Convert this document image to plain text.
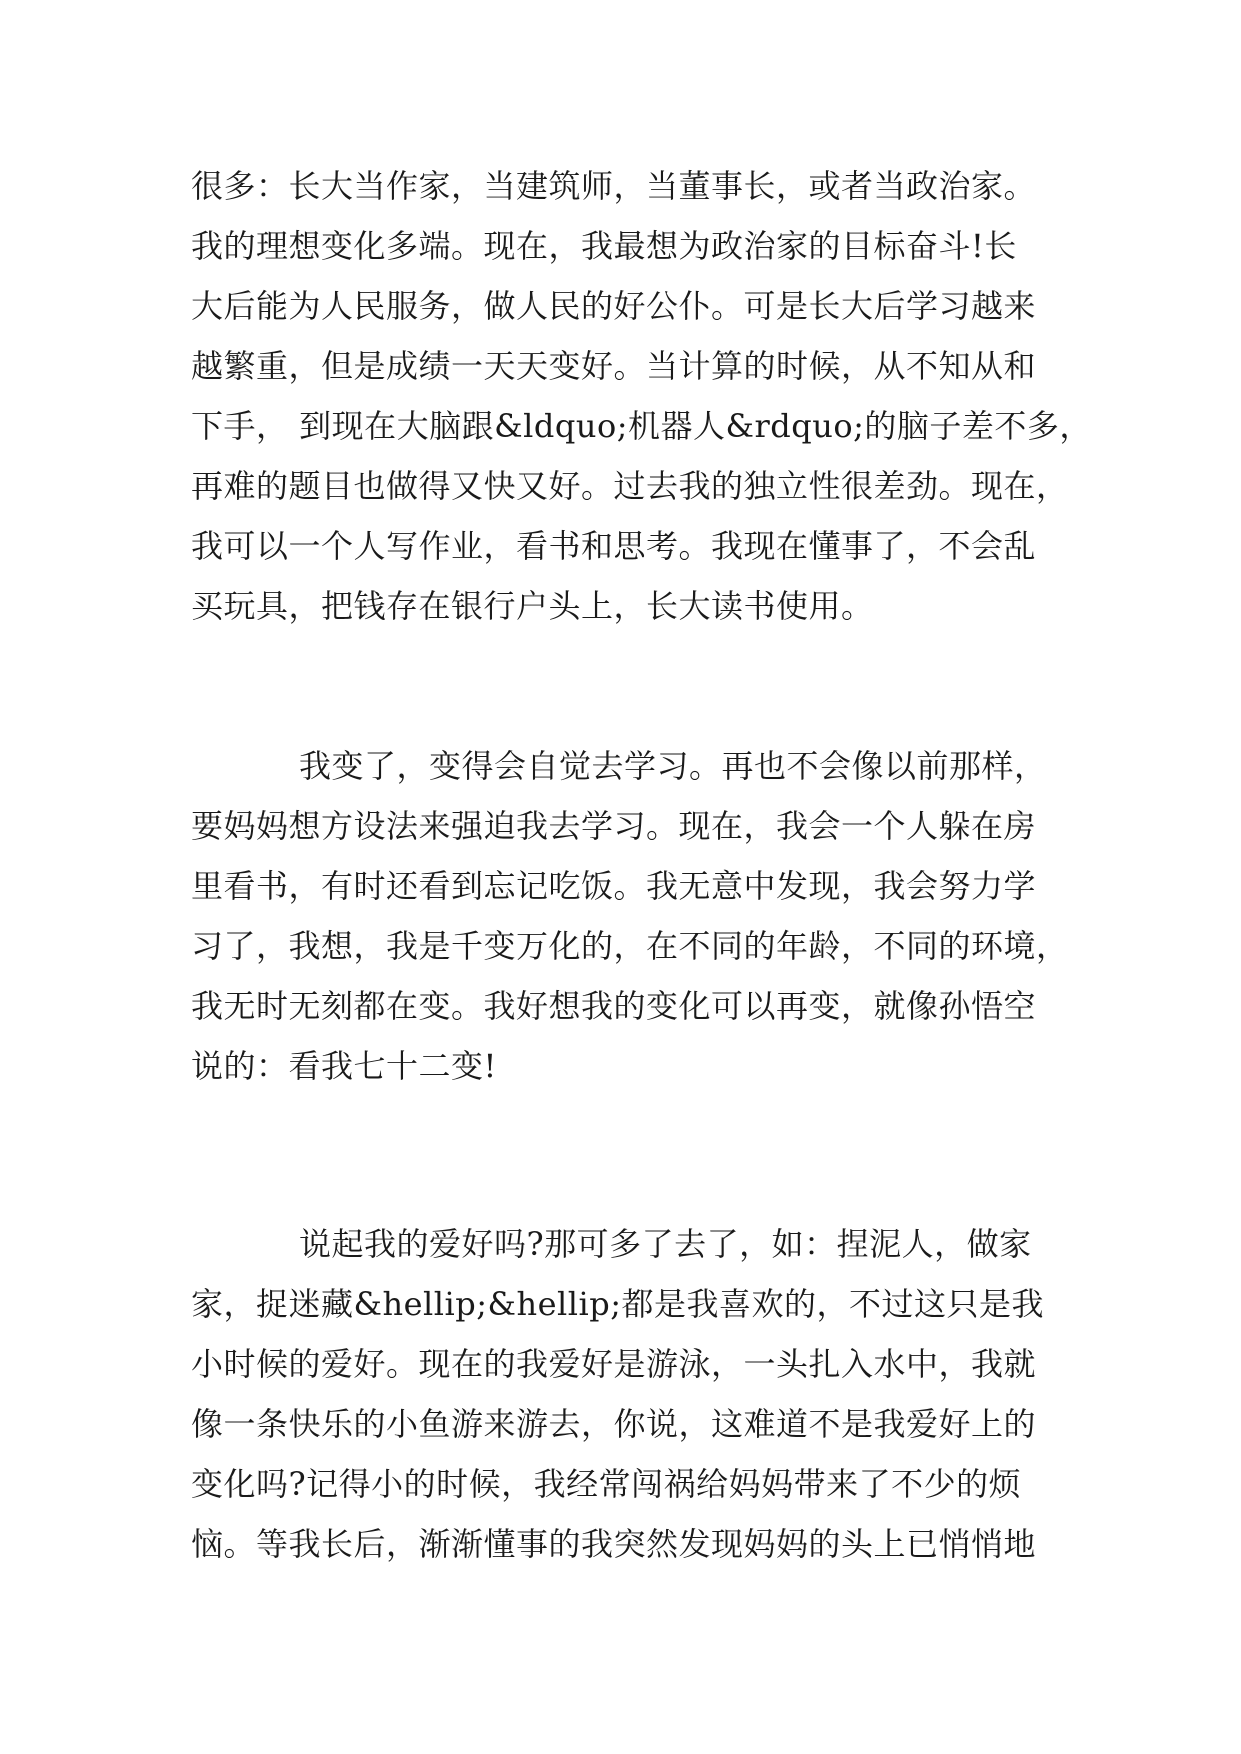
很多：长大当作家，当建筑师，当董事长，或者当政治家。
我的理想变化多端。现在，我最想为政治家的目标奋斗!长
大后能为人民服务，做人民的好公仆。可是长大后学习越来
越繁重，但是成绩一天天变好。当计算的时候，从不知从和
下手， 到现在大脑跟&ldquo;机器人&rdquo;的脑子差不多，
再难的题目也做得又快又好。过去我的独立性很差劲。现在，
我可以一个人写作业，看书和思考。我现在懂事了，不会乱
买玩具，把钱存在银行户头上，长大读书使用。
我变了，变得会自觉去学习。再也不会像以前那样，
要妈妈想方设法来强迫我去学习。现在，我会一个人躲在房
里看书，有时还看到忘记吃饭。我无意中发现，我会努力学
习了，我想，我是千变万化的，在不同的年龄，不同的环境，
我无时无刻都在变。我好想我的变化可以再变，就像孙悟空
说的：看我七十二变!
说起我的爱好吗?那可多了去了，如：捏泥人，做家
家，捉迷藏&hellip;&hellip;都是我喜欢的，不过这只是我
小时候的爱好。现在的我爱好是游泳，一头扎入水中，我就
像一条快乐的小鱼游来游去，你说，这难道不是我爱好上的
变化吗?记得小的时候，我经常闯祸给妈妈带来了不少的烦
恼。等我长后，渐渐懂事的我突然发现妈妈的头上已悄悄地
